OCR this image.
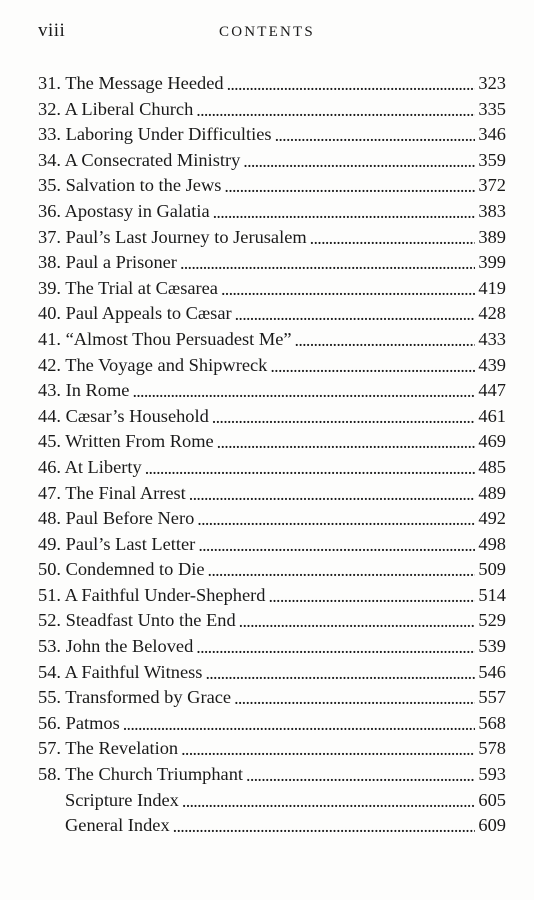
viii	CONTENTS
31. The Message Heeded . . .	323
32. A Liberal Church . . .	335
33. Laboring Under Difficulties . . .	346
34. A Consecrated Ministry . . .	359
35. Salvation to the Jews . . .	372
36. Apostasy in Galatia . . .	383
37. Paul’s Last Journey to Jerusalem . . .	389
38. Paul a Prisoner . . .	399
39. The Trial at Cæsarea . . .	419
40. Paul Appeals to Cæsar . . .	428
41. “Almost Thou Persuadest Me” . . .	433
42. The Voyage and Shipwreck . . .	439
43. In Rome . . .	447
44. Cæsar’s Household . . .	461
45. Written From Rome . . .	469
46. At Liberty . . .	485
47. The Final Arrest . . .	489
48. Paul Before Nero . . .	492
49. Paul’s Last Letter . . .	498
50. Condemned to Die . . .	509
51. A Faithful Under-Shepherd . . .	514
52. Steadfast Unto the End . . .	529
53. John the Beloved . . .	539
54. A Faithful Witness . . .	546
55. Transformed by Grace . . .	557
56. Patmos . . .	568
57. The Revelation . . .	578
58. The Church Triumphant . . .	593
Scripture Index . . .	605
General Index . . .	609
